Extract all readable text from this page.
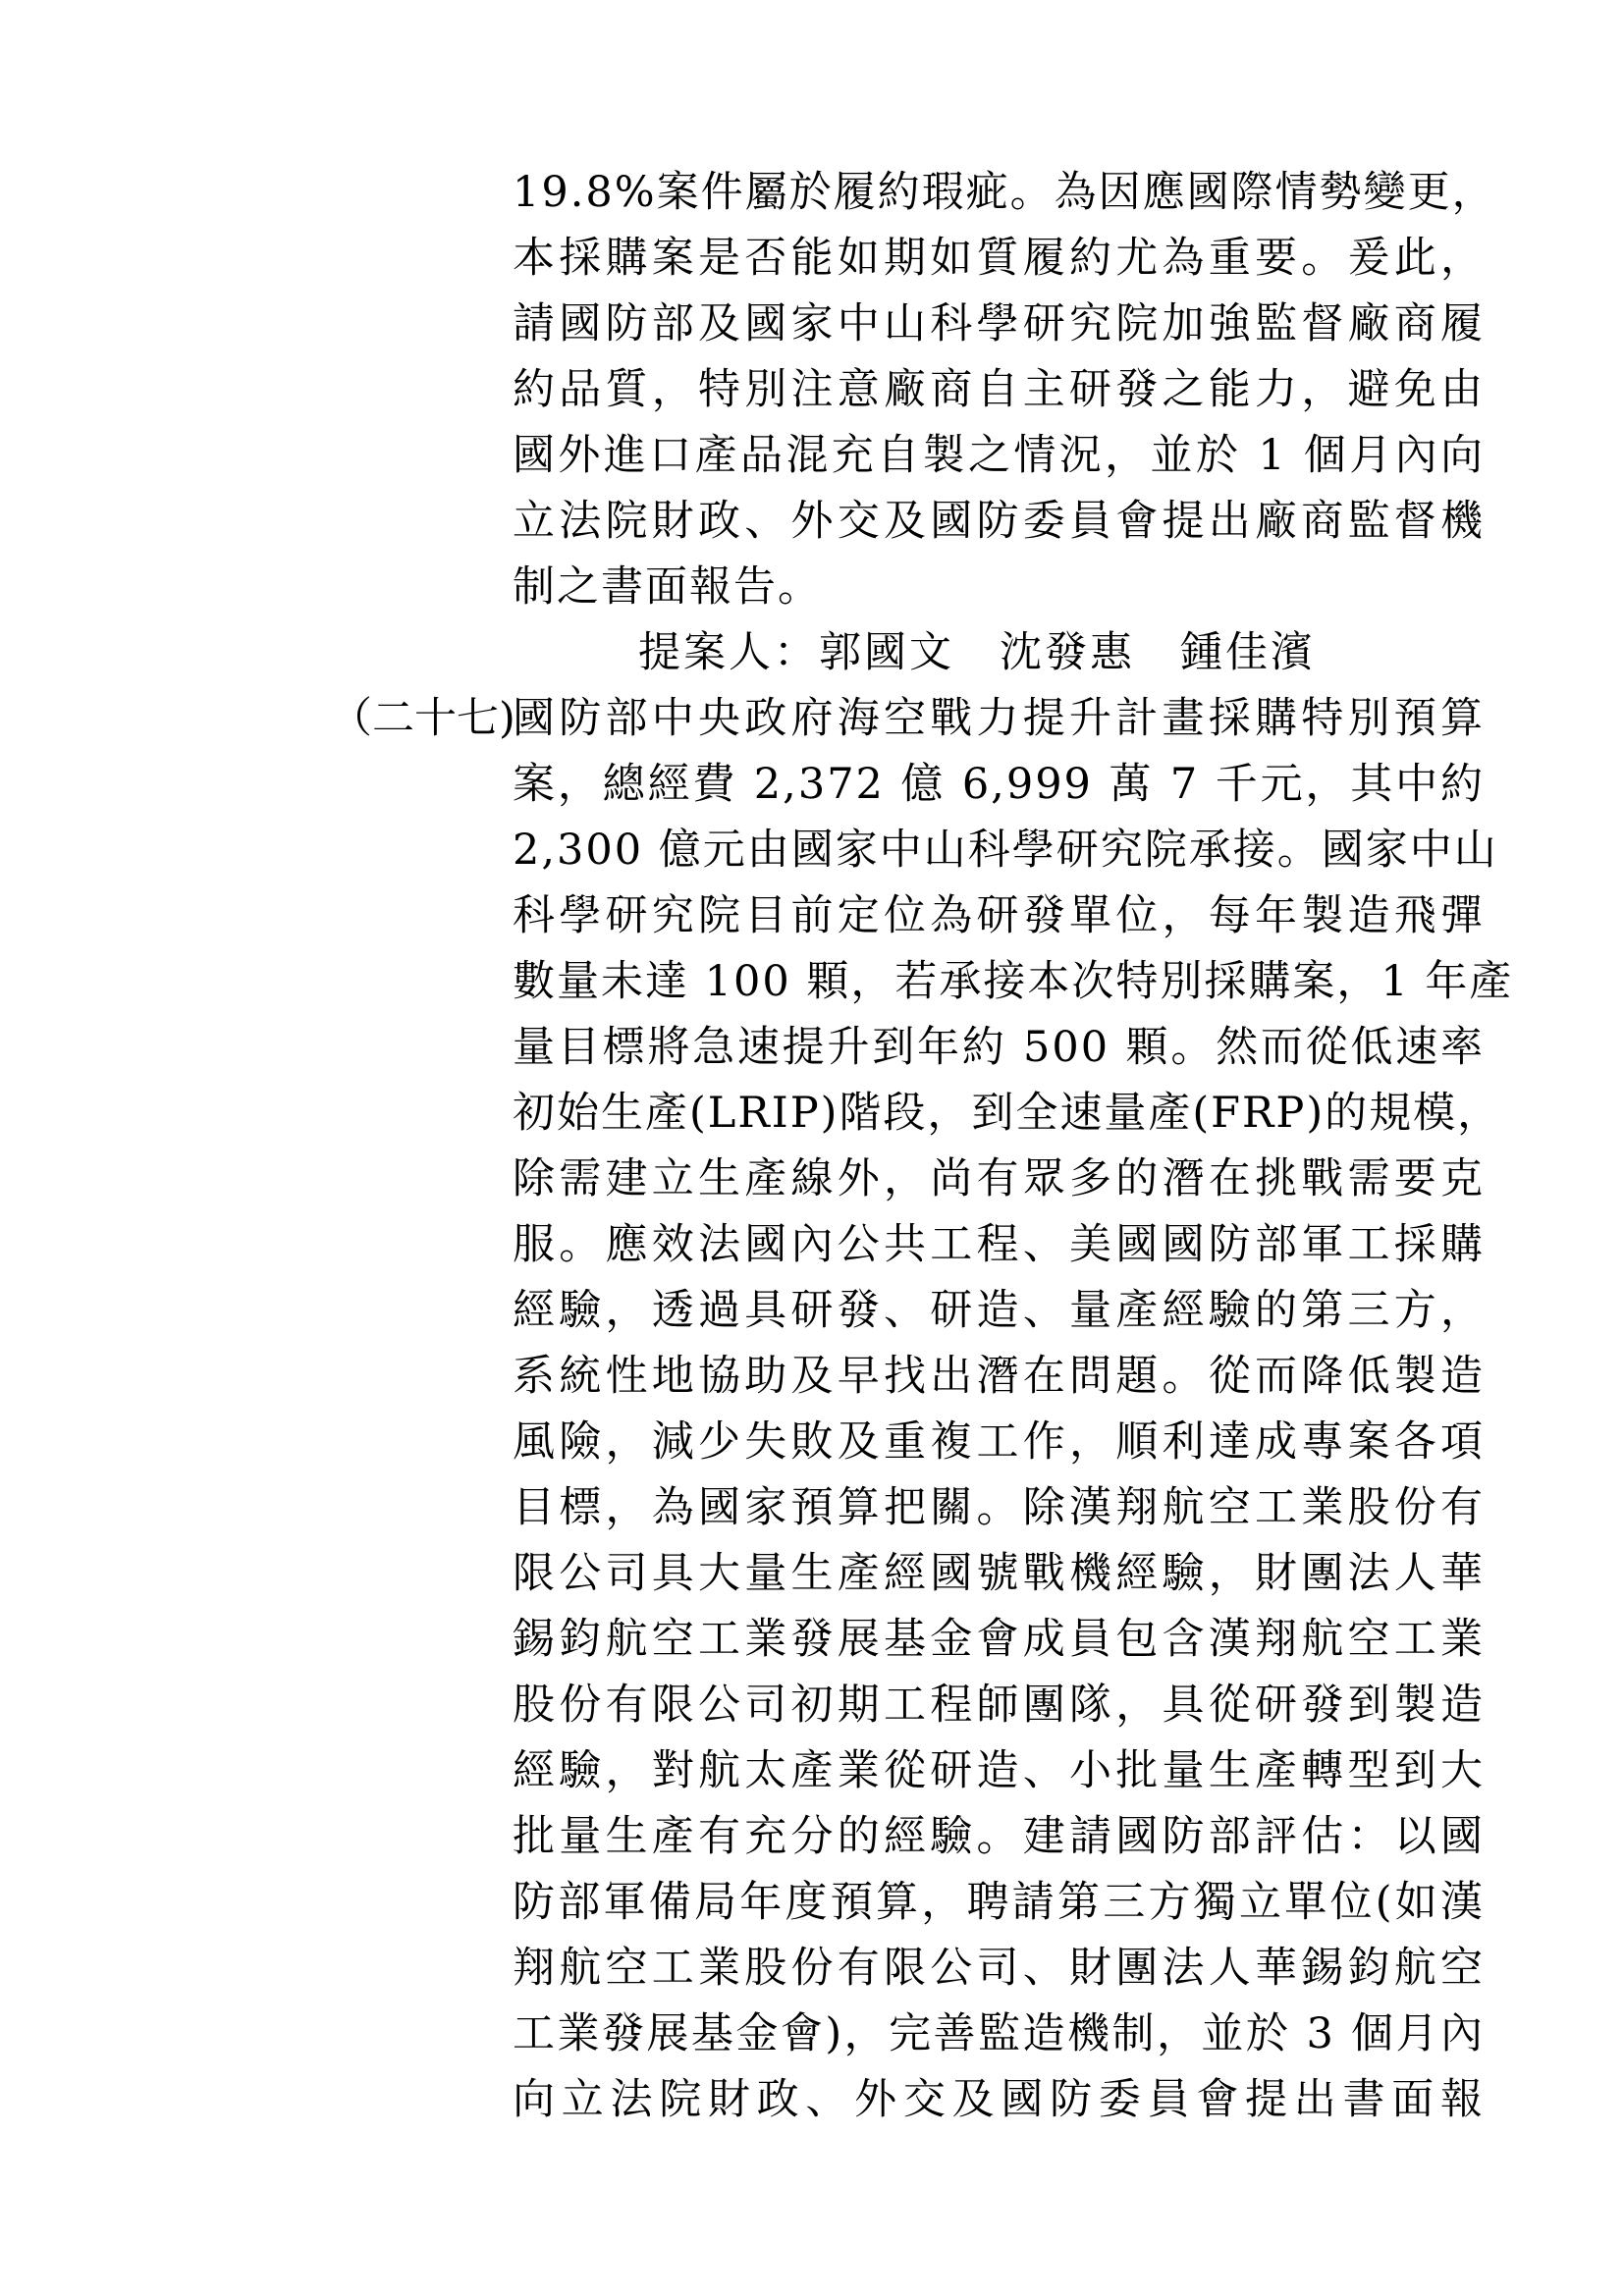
19.8%案件屬於履約瑕疵。為因應國際情勢變更，
本採購案是否能如期如質履約尤為重要。爰此，
請國防部及國家中山科學研究院加強監督廠商履
約品質，特別注意廠商自主研發之能力，避免由
國外進口產品混充自製之情況，並於 1 個月內向
立法院財政、外交及國防委員會提出廠商監督機
制之書面報告。
提案人：郭國文　沈發惠　鍾佳濱
（二十七)
國防部中央政府海空戰力提升計畫採購特別預算
案，總經費 2,372 億 6,999 萬 7 千元，其中約
2,300 億元由國家中山科學研究院承接。國家中山
科學研究院目前定位為研發單位，每年製造飛彈
數量未達 100 顆，若承接本次特別採購案，1 年產
量目標將急速提升到年約 500 顆。然而從低速率
初始生產(LRIP)階段，到全速量產(FRP)的規模，
除需建立生產線外，尚有眾多的潛在挑戰需要克
服。應效法國內公共工程、美國國防部軍工採購
經驗，透過具研發、研造、量產經驗的第三方，
系統性地協助及早找出潛在問題。從而降低製造
風險，減少失敗及重複工作，順利達成專案各項
目標，為國家預算把關。除漢翔航空工業股份有
限公司具大量生產經國號戰機經驗，財團法人華
錫鈞航空工業發展基金會成員包含漢翔航空工業
股份有限公司初期工程師團隊，具從研發到製造
經驗，對航太產業從研造、小批量生產轉型到大
批量生產有充分的經驗。建請國防部評估：以國
防部軍備局年度預算，聘請第三方獨立單位(如漢
翔航空工業股份有限公司、財團法人華錫鈞航空
工業發展基金會)，完善監造機制，並於 3 個月內
向立法院財政、外交及國防委員會提出書面報
